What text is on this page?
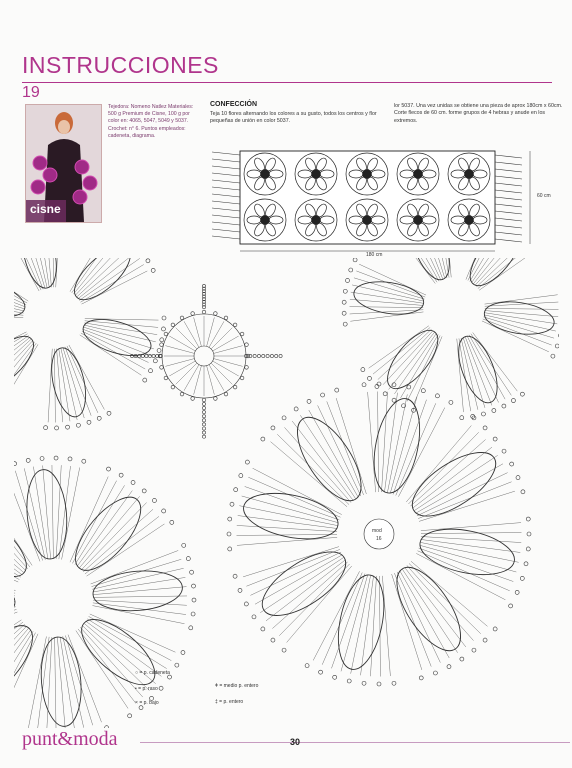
INSTRUCCIONES
19
cisne
Tejedora: Nomeno Natlez Materiales: 500 g Premium de Cisne, 100 g por color en: 4065, 5047, 5049 y 5037. Crochet: n° 6. Puntos empleados: cadeneta, diagrama.
CONFECCIÓN
Teja 10 flores alternando los colores a su gusto, todos los centros y flor pequeñas de unión en color 5037.
lor 5037. Una vez unidas se obtiene una pieza de aprox 180cm x 60cm. Corte flecos de 60 cm. forme grupos de 4 hebras y anude en los extremos.
180 cm
60 cm
mod
16
○ = p. cadeneta
• = p. raso
× = p. bajo
ǂ = medio p. entero
‡ = p. entero
punt&moda	30
